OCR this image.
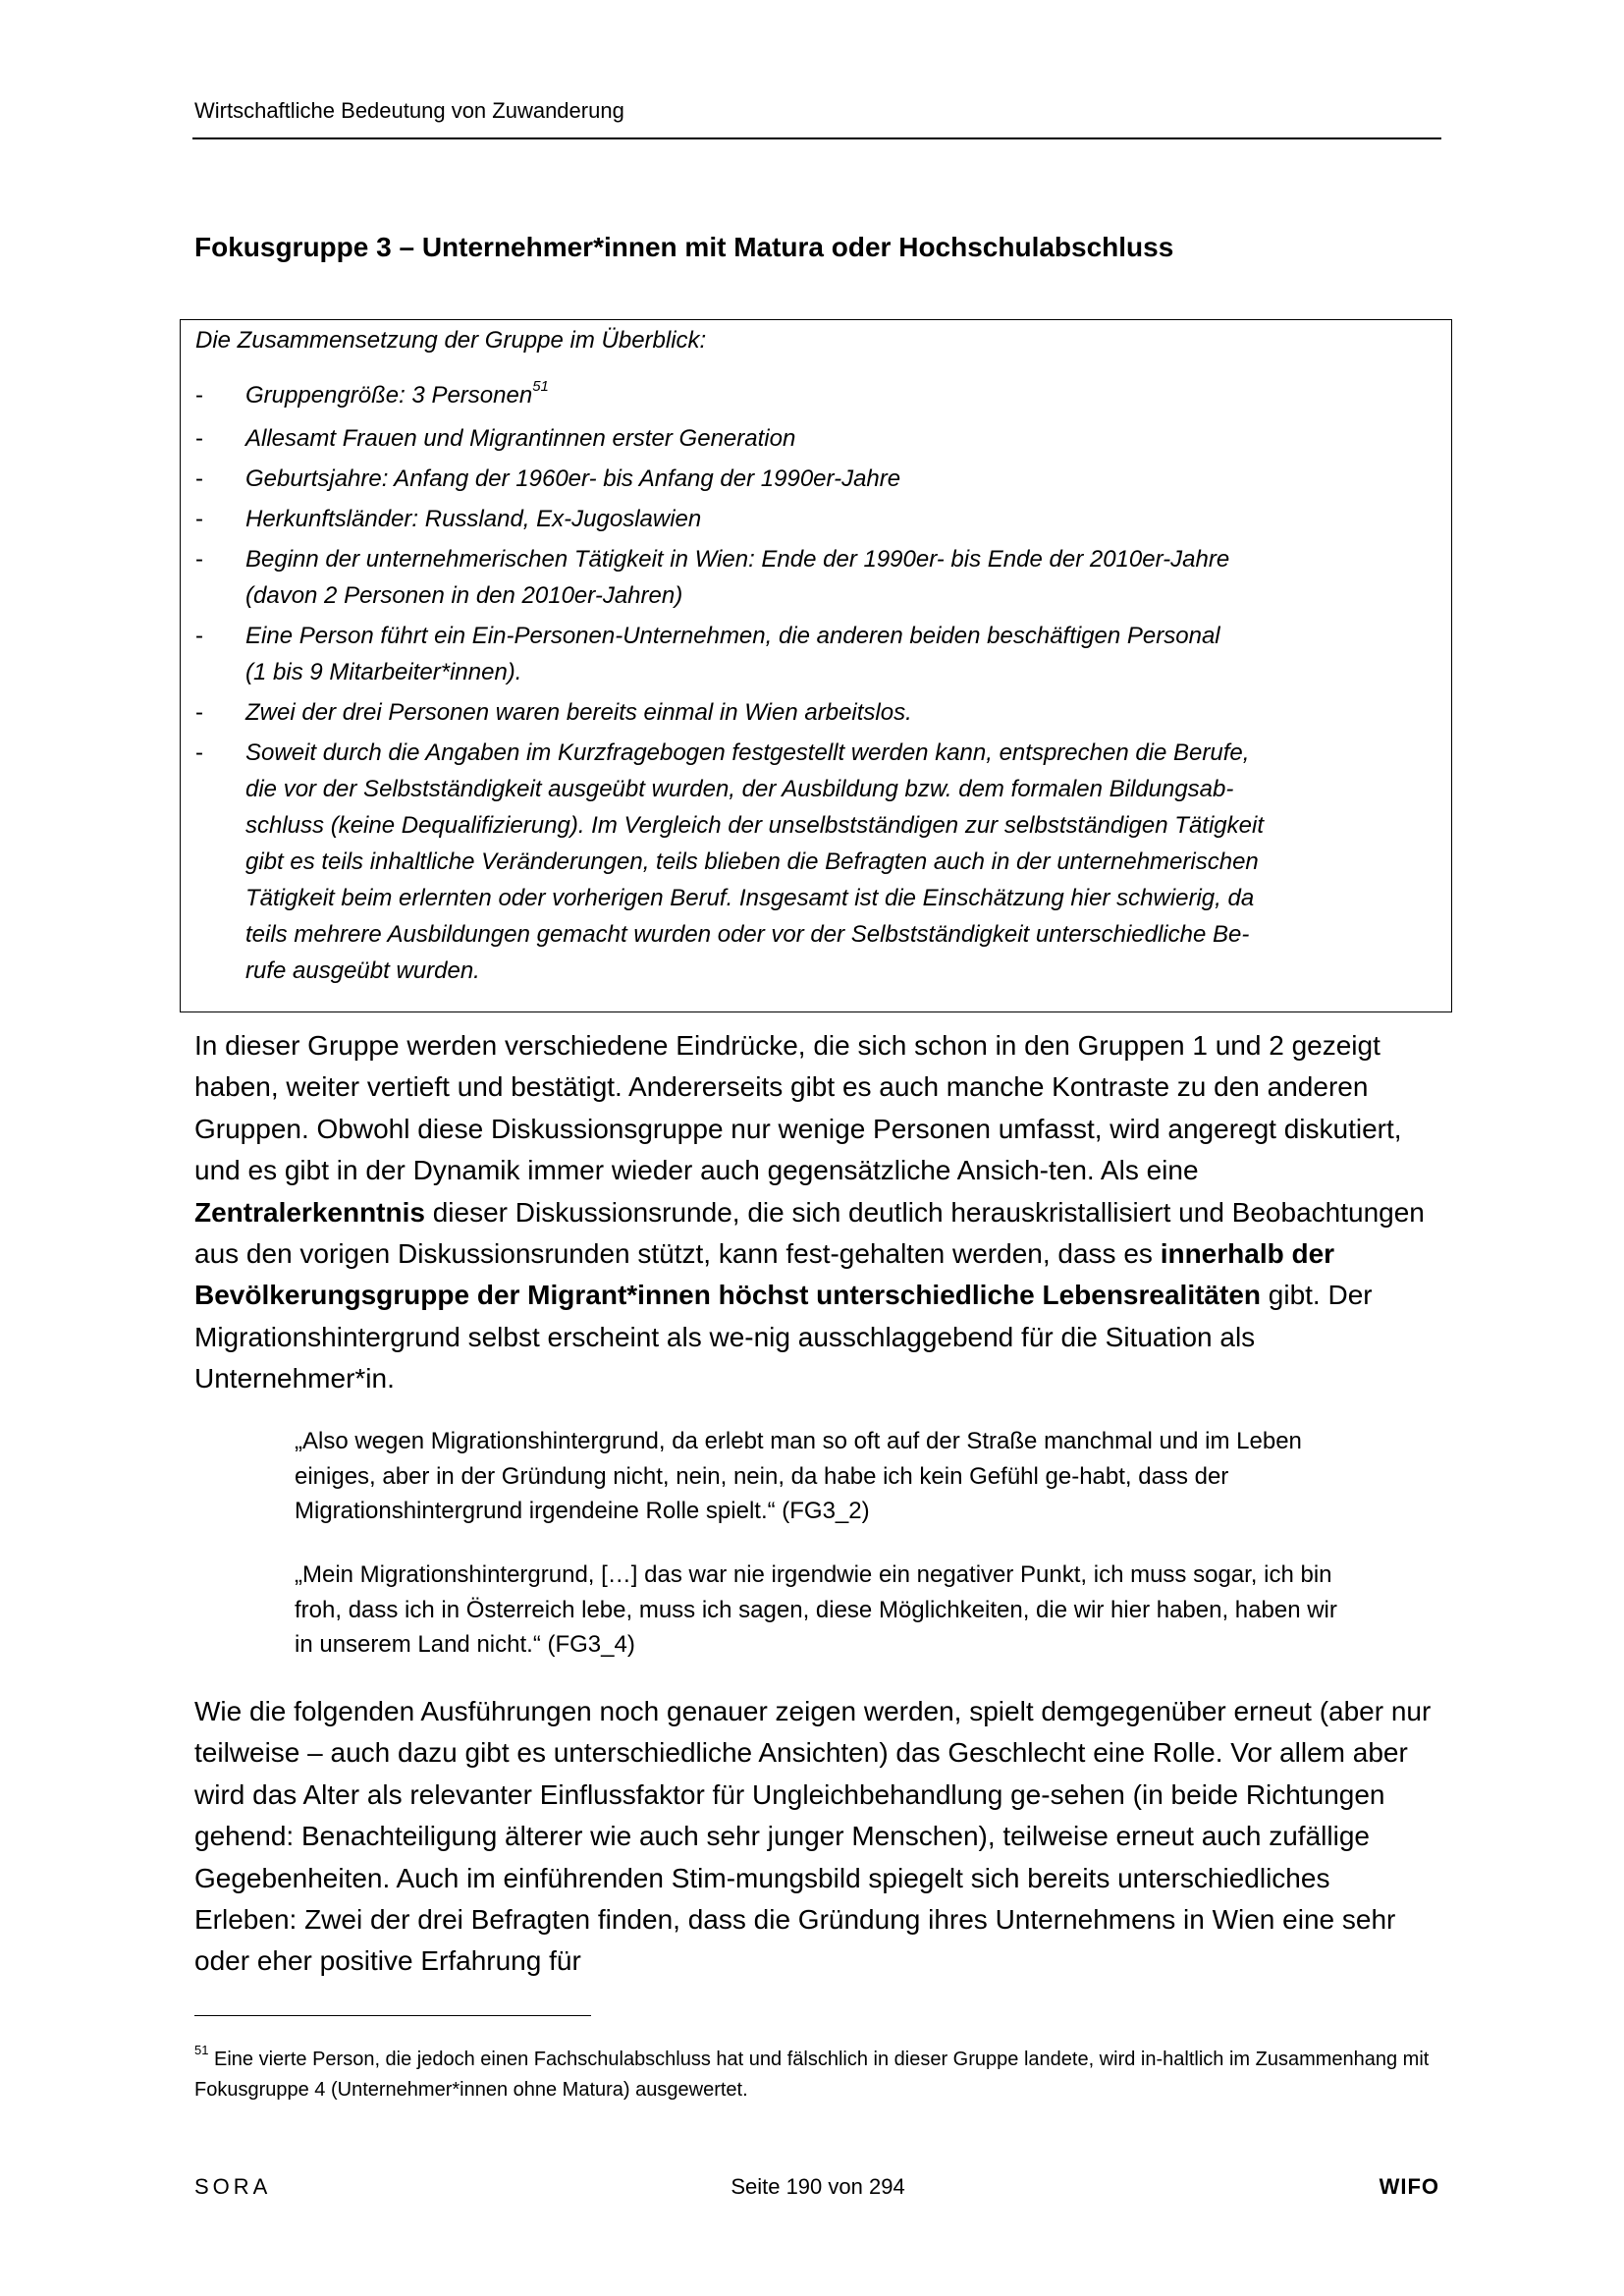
Wirtschaftliche Bedeutung von Zuwanderung
Fokusgruppe 3 – Unternehmer*innen mit Matura oder Hochschulabschluss
Die Zusammensetzung der Gruppe im Überblick:
- Gruppengröße: 3 Personen$^{51}$
- Allesamt Frauen und Migrantinnen erster Generation
- Geburtsjahre: Anfang der 1960er- bis Anfang der 1990er-Jahre
- Herkunftsländer: Russland, Ex-Jugoslawien
- Beginn der unternehmerischen Tätigkeit in Wien: Ende der 1990er- bis Ende der 2010er-Jahre
(davon 2 Personen in den 2010er-Jahren)
- Eine Person führt ein Ein-Personen-Unternehmen, die anderen beiden beschäftigen Personal
(1 bis 9 Mitarbeiter*innen).
- Zwei der drei Personen waren bereits einmal in Wien arbeitslos.
- Soweit durch die Angaben im Kurzfragebogen festgestellt werden kann, entsprechen die Berufe,
die vor der Selbstständigkeit ausgeübt wurden, der Ausbildung bzw. dem formalen Bildungsab-
schluss (keine Dequalifizierung). Im Vergleich der unselbstständigen zur selbstständigen Tätigkeit
gibt es teils inhaltliche Veränderungen, teils blieben die Befragten auch in der unternehmerischen
Tätigkeit beim erlernten oder vorherigen Beruf. Insgesamt ist die Einschätzung hier schwierig, da
teils mehrere Ausbildungen gemacht wurden oder vor der Selbstständigkeit unterschiedliche Be-
rufe ausgeübt wurden.

In dieser Gruppe werden verschiedene Eindrücke, die sich schon in den Gruppen 1 und 2 gezeigt haben, weiter vertieft und bestätigt. Andererseits gibt es auch manche Kontraste zu den anderen Gruppen. Obwohl diese Diskussionsgruppe nur wenige Personen umfasst, wird angeregt diskutiert, und es gibt in der Dynamik immer wieder auch gegensätzliche Ansich-ten. Als eine Zentralerkenntnis dieser Diskussionsrunde, die sich deutlich herauskristallisiert und Beobachtungen aus den vorigen Diskussionsrunden stützt, kann fest-gehalten werden, dass es innerhalb der Bevölkerungsgruppe der Migrant*innen höchst unterschiedliche Lebensrealitäten gibt. Der Migrationshintergrund selbst erscheint als we-nig ausschlaggebend für die Situation als Unternehmer*in.

„Also wegen Migrationshintergrund, da erlebt man so oft auf der Straße manchmal und im Leben einiges, aber in der Gründung nicht, nein, nein, da habe ich kein Gefühl ge-habt, dass der Migrationshintergrund irgendeine Rolle spielt.“ (FG3_2)

„Mein Migrationshintergrund, […] das war nie irgendwie ein negativer Punkt, ich muss sogar, ich bin froh, dass ich in Österreich lebe, muss ich sagen, diese Möglichkeiten, die wir hier haben, haben wir in unserem Land nicht.“ (FG3_4)

Wie die folgenden Ausführungen noch genauer zeigen werden, spielt demgegenüber erneut (aber nur teilweise – auch dazu gibt es unterschiedliche Ansichten) das Geschlecht eine Rolle. Vor allem aber wird das Alter als relevanter Einflussfaktor für Ungleichbehandlung ge-sehen (in beide Richtungen gehend: Benachteiligung älterer wie auch sehr junger Menschen), teilweise erneut auch zufällige Gegebenheiten. Auch im einführenden Stim-mungsbild spiegelt sich bereits unterschiedliches Erleben: Zwei der drei Befragten finden, dass die Gründung ihres Unternehmens in Wien eine sehr oder eher positive Erfahrung für

$^{51}$ Eine vierte Person, die jedoch einen Fachschulabschluss hat und fälschlich in dieser Gruppe landete, wird in-haltlich im Zusammenhang mit Fokusgruppe 4 (Unternehmer*innen ohne Matura) ausgewertet.

SORA	Seite 190 von 294	WIFO
